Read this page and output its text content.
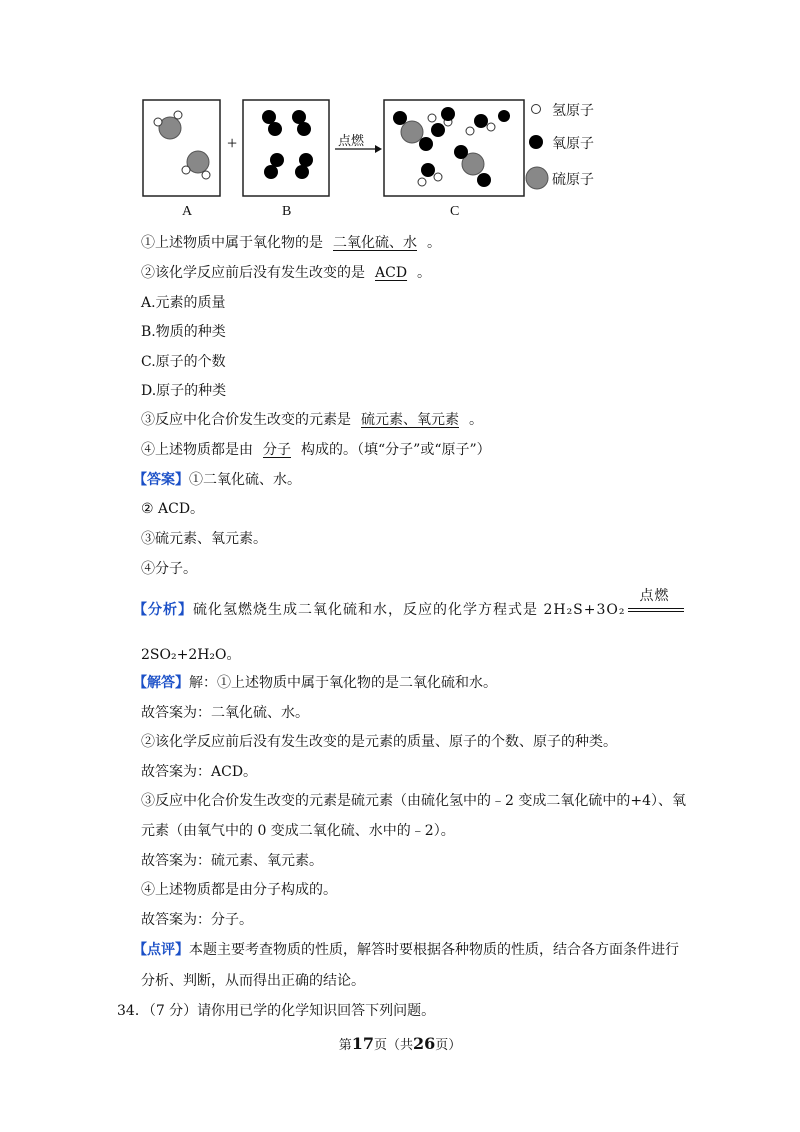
+	点燃
A	B	C
氢原子
氧原子
硫原子
①上述物质中属于氧化物的是 二氧化硫、水 。
②该化学反应前后没有发生改变的是 ACD 。
A.元素的质量
B.物质的种类
C.原子的个数
D.原子的种类
③反应中化合价发生改变的元素是 硫元素、氧元素 。
④上述物质都是由 分子 构成的。（填“分子”或“原子”）
【答案】①二氧化硫、水。
② ACD。
③硫元素、氧元素。
④分子。
【分析】硫化氢燃烧生成二氧化硫和水，反应的化学方程式是 2H₂S+3O₂
点燃
2SO₂+2H₂O。
【解答】解：①上述物质中属于氧化物的是二氧化硫和水。
故答案为：二氧化硫、水。
②该化学反应前后没有发生改变的是元素的质量、原子的个数、原子的种类。
故答案为：ACD。
③反应中化合价发生改变的元素是硫元素（由硫化氢中的﹣2 变成二氧化硫中的+4）、氧
元素（由氧气中的 0 变成二氧化硫、水中的﹣2）。
故答案为：硫元素、氧元素。
④上述物质都是由分子构成的。
故答案为：分子。
【点评】本题主要考查物质的性质，解答时要根据各种物质的性质，结合各方面条件进行
分析、判断，从而得出正确的结论。
34．（7 分）请你用已学的化学知识回答下列问题。
第17页（共26页）
